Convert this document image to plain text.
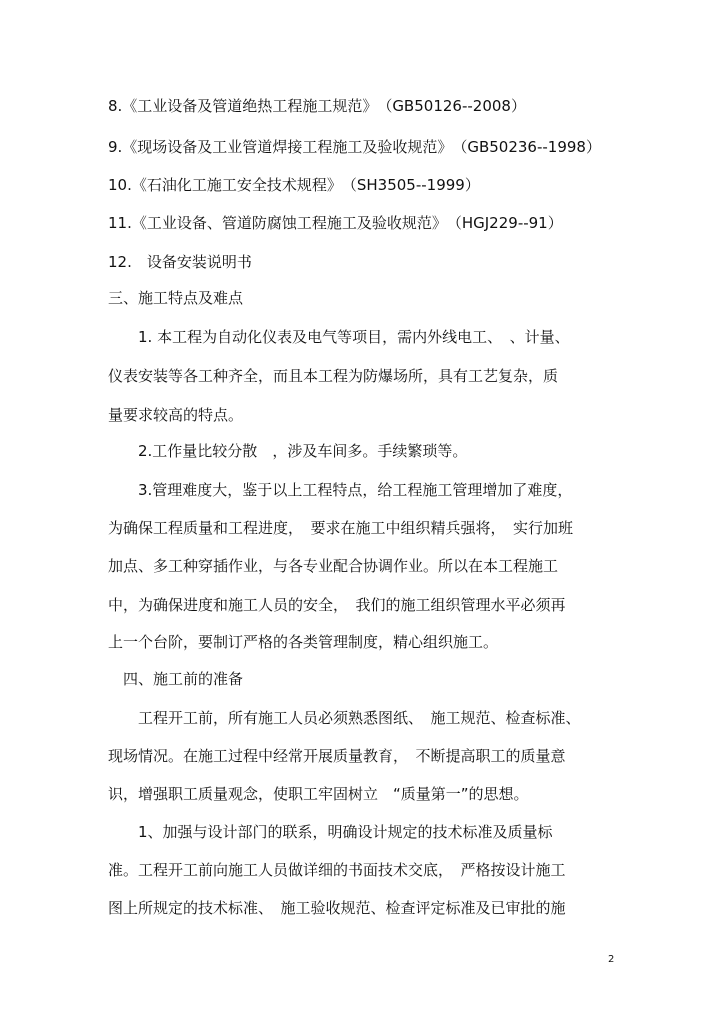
8.《工业设备及管道绝热工程施工规范》　（GB50126--2008）
9.《现场设备及工业管道焊接工程施工及验收规范》　（GB50236--1998）
10.《石油化工施工安全技术规程》　（SH3505--1999）
11.《工业设备、管道防腐蚀工程施工及验收规范》　（HGJ229--91）
12.　设备安装说明书
三、施工特点及难点
　　1. 本工程为自动化仪表及电气等项目，需内外线电工、　、计量、
仪表安装等各工种齐全，而且本工程为防爆场所，具有工艺复杂，质
量要求较高的特点。
　　2.工作量比较分散　，涉及车间多。手续繁琐等。
　　3.管理难度大，鉴于以上工程特点，给工程施工管理增加了难度，
为确保工程质量和工程进度，　要求在施工中组织精兵强将，　实行加班
加点、多工种穿插作业，与各专业配合协调作业。所以在本工程施工
中，为确保进度和施工人员的安全，　我们的施工组织管理水平必须再
上一个台阶，要制订严格的各类管理制度，精心组织施工。
　四、施工前的准备
　　工程开工前，所有施工人员必须熟悉图纸、　施工规范、检查标准、
现场情况。在施工过程中经常开展质量教育，　不断提高职工的质量意
识，增强职工质量观念，使职工牢固树立　“质量第一”的思想。
　　1、加强与设计部门的联系，明确设计规定的技术标准及质量标
准。工程开工前向施工人员做详细的书面技术交底，　严格按设计施工
图上所规定的技术标准、　施工验收规范、检查评定标准及已审批的施
2
